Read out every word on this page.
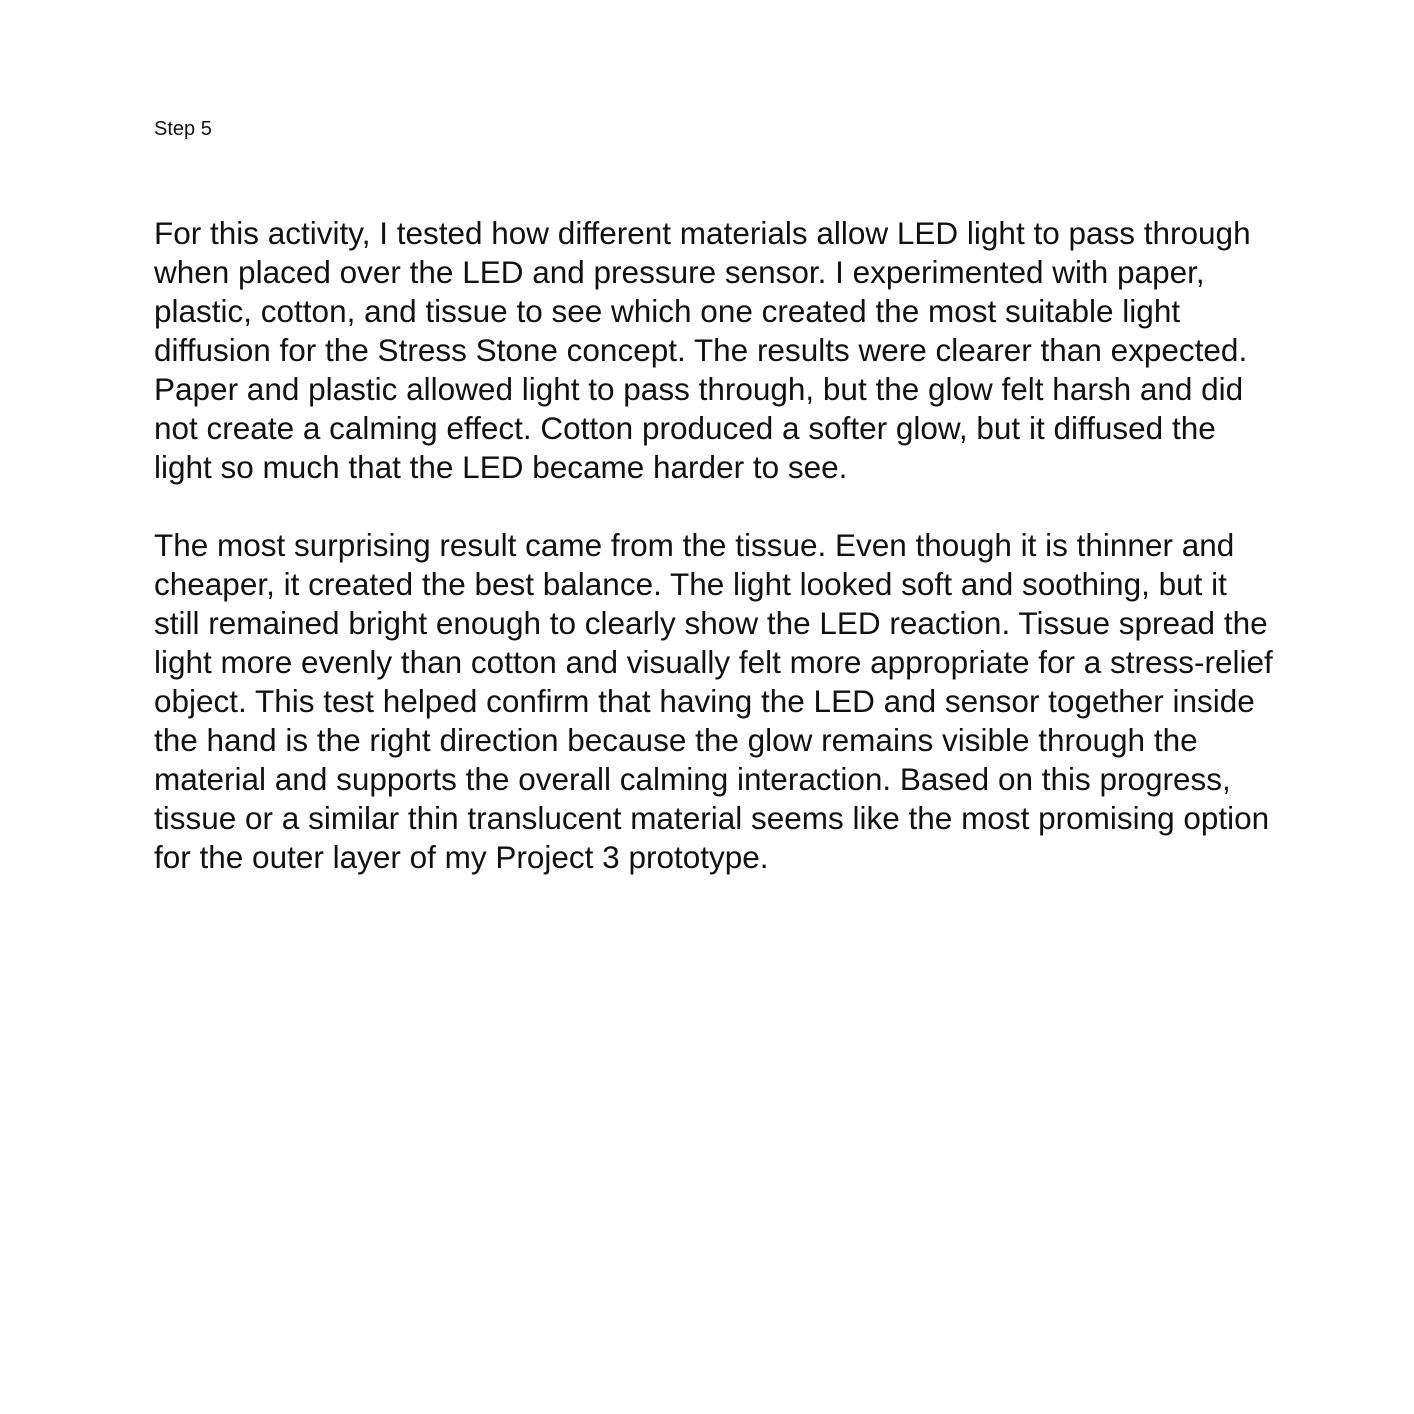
Step 5

For this activity, I tested how different materials allow LED light to pass through when placed over the LED and pressure sensor. I experimented with paper, plastic, cotton, and tissue to see which one created the most suitable light diffusion for the Stress Stone concept. The results were clearer than expected. Paper and plastic allowed light to pass through, but the glow felt harsh and did not create a calming effect. Cotton produced a softer glow, but it diffused the light so much that the LED became harder to see.

The most surprising result came from the tissue. Even though it is thinner and cheaper, it created the best balance. The light looked soft and soothing, but it still remained bright enough to clearly show the LED reaction. Tissue spread the light more evenly than cotton and visually felt more appropriate for a stress-relief object. This test helped confirm that having the LED and sensor together inside the hand is the right direction because the glow remains visible through the material and supports the overall calming interaction. Based on this progress, tissue or a similar thin translucent material seems like the most promising option for the outer layer of my Project 3 prototype.
